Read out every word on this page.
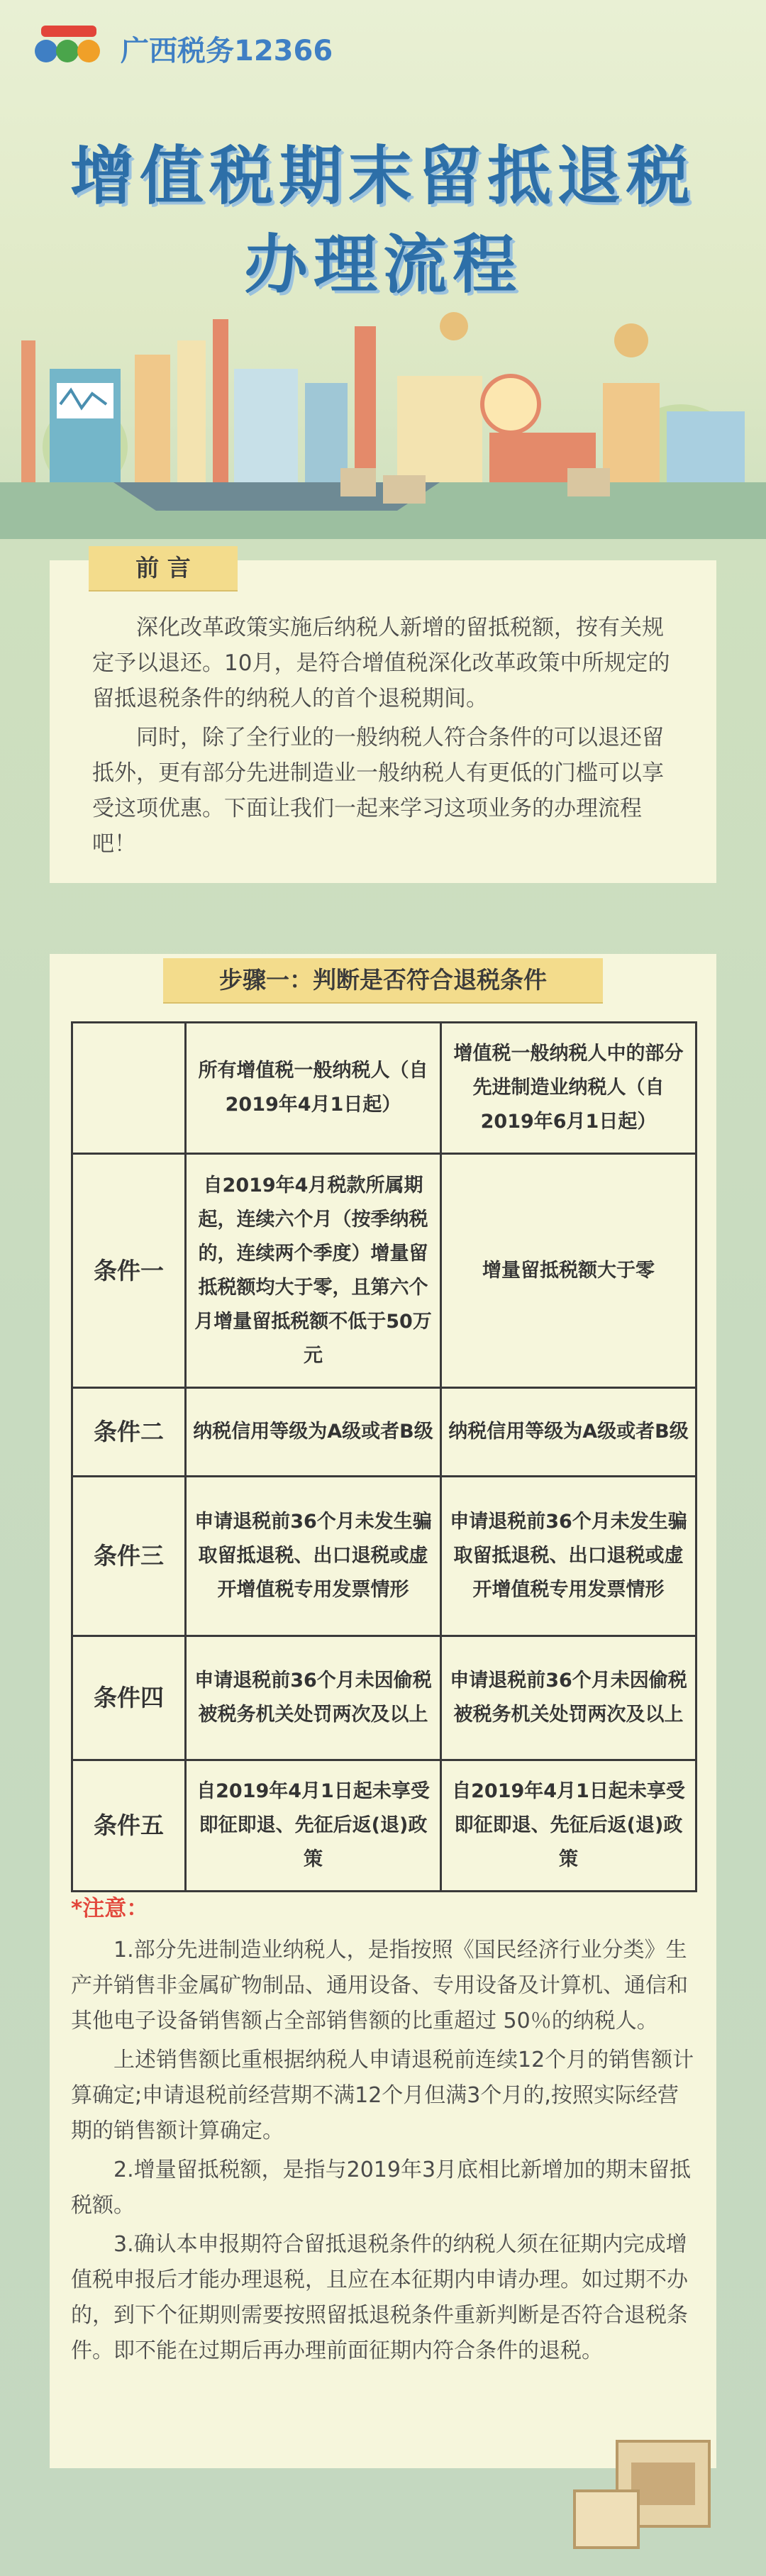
广西税务12366
增值税期末留抵退税
办理流程
前 言

深化改革政策实施后纳税人新增的留抵税额，按有关规定予以退还。10月，是符合增值税深化改革政策中所规定的留抵退税条件的纳税人的首个退税期间。

同时，除了全行业的一般纳税人符合条件的可以退还留抵外，更有部分先进制造业一般纳税人有更低的门槛可以享受这项优惠。下面让我们一起来学习这项业务的办理流程吧！

步骤一：判断是否符合退税条件
	所有增值税一般纳税人（自2019年4月1日起）	增值税一般纳税人中的部分先进制造业纳税人（自2019年6月1日起）
条件一	自2019年4月税款所属期起，连续六个月（按季纳税的，连续两个季度）增量留抵税额均大于零，且第六个月增量留抵税额不低于50万元	增量留抵税额大于零
条件二	纳税信用等级为A级或者B级	纳税信用等级为A级或者B级
条件三	申请退税前36个月未发生骗取留抵退税、出口退税或虚开增值税专用发票情形	申请退税前36个月未发生骗取留抵退税、出口退税或虚开增值税专用发票情形
条件四	申请退税前36个月未因偷税被税务机关处罚两次及以上	申请退税前36个月未因偷税被税务机关处罚两次及以上
条件五	自2019年4月1日起未享受即征即退、先征后返(退)政策	自2019年4月1日起未享受即征即退、先征后返(退)政策
*注意：

1.部分先进制造业纳税人，是指按照《国民经济行业分类》生产并销售非金属矿物制品、通用设备、专用设备及计算机、通信和其他电子设备销售额占全部销售额的比重超过 50％的纳税人。

上述销售额比重根据纳税人申请退税前连续12个月的销售额计算确定;申请退税前经营期不满12个月但满3个月的,按照实际经营期的销售额计算确定。

2.增量留抵税额，是指与2019年3月底相比新增加的期末留抵税额。

3.确认本申报期符合留抵退税条件的纳税人须在征期内完成增值税申报后才能办理退税，且应在本征期内申请办理。如过期不办的，到下个征期则需要按照留抵退税条件重新判断是否符合退税条件。即不能在过期后再办理前面征期内符合条件的退税。
